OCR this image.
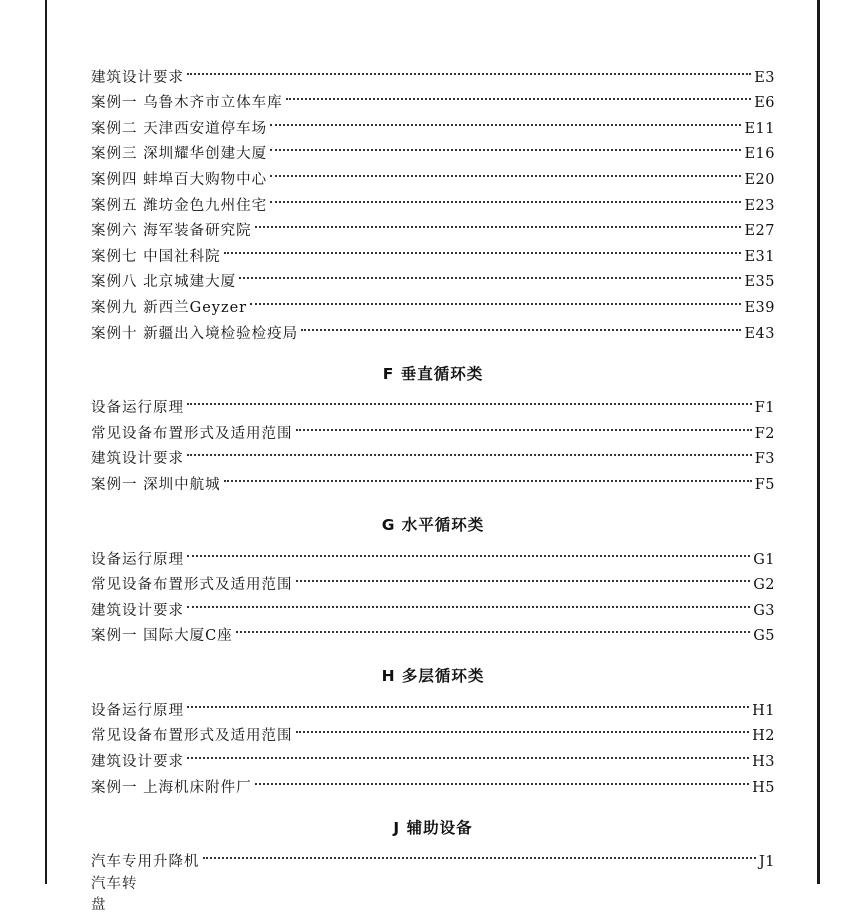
建筑设计要求	E3
案例一 乌鲁木齐市立体车库	E6
案例二 天津西安道停车场	E11
案例三 深圳耀华创建大厦	E16
案例四 蚌埠百大购物中心	E20
案例五 潍坊金色九州住宅	E23
案例六 海军装备研究院	E27
案例七 中国社科院	E31
案例八 北京城建大厦	E35
案例九 新西兰Geyzer	E39
案例十 新疆出入境检验检疫局	E43
F 垂直循环类
设备运行原理	F1
常见设备布置形式及适用范围	F2
建筑设计要求	F3
案例一 深圳中航城	F5
G 水平循环类
设备运行原理	G1
常见设备布置形式及适用范围	G2
建筑设计要求	G3
案例一 国际大厦C座	G5
H 多层循环类
设备运行原理	H1
常见设备布置形式及适用范围	H2
建筑设计要求	H3
案例一 上海机床附件厂	H5
J 辅助设备
汽车专用升降机	J1
汽车转盘
